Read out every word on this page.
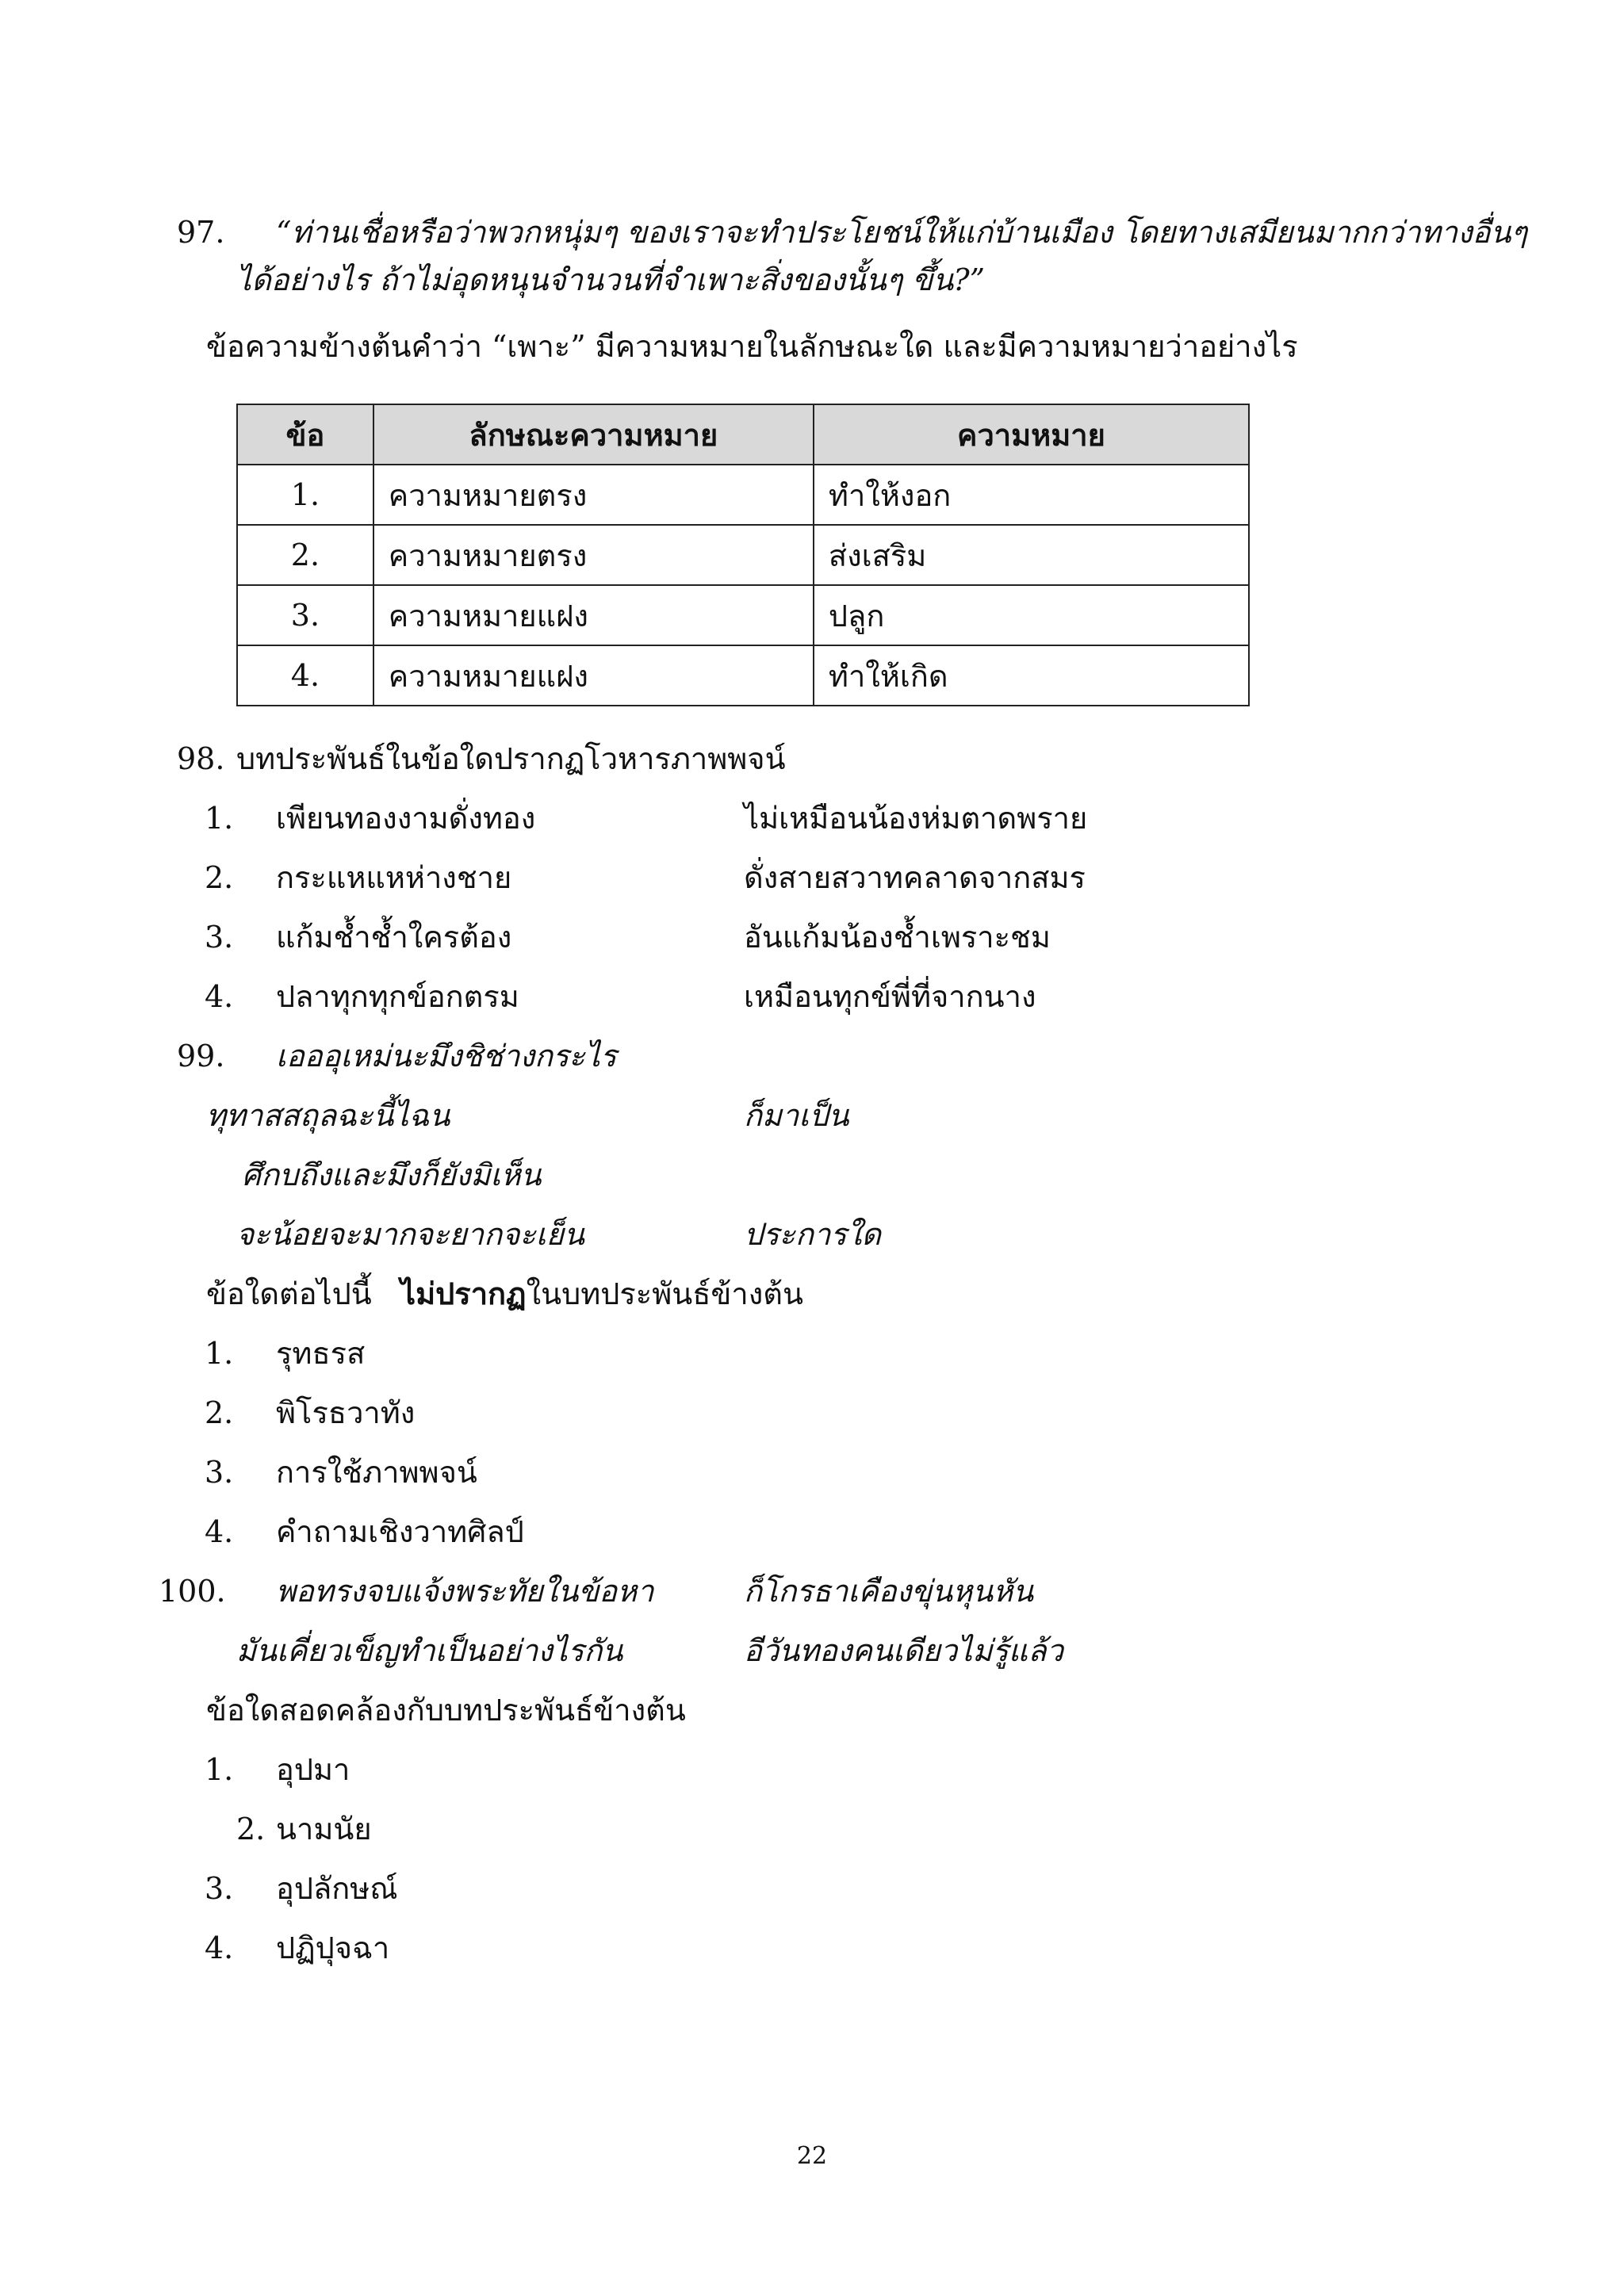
97. “ท่านเชื่อหรือว่าพวกหนุ่มๆ ของเราจะทำประโยชน์ให้แก่บ้านเมือง โดยทางเสมียนมากกว่าทางอื่นๆ
ได้อย่างไร ถ้าไม่อุดหนุนจำนวนที่จำเพาะสิ่งของนั้นๆ ขึ้น?”
ข้อความข้างต้นคำว่า “เพาะ” มีความหมายในลักษณะใด และมีความหมายว่าอย่างไร
ข้อ	ลักษณะความหมาย	ความหมาย
1.	ความหมายตรง	ทำให้งอก
2.	ความหมายตรง	ส่งเสริม
3.	ความหมายแฝง	ปลูก
4.	ความหมายแฝง	ทำให้เกิด
98. บทประพันธ์ในข้อใดปรากฏโวหารภาพพจน์
1. เพียนทองงามดั่งทอง	ไม่เหมือนน้องห่มตาดพราย
2. กระแหแหห่างชาย	ดั่งสายสวาทคลาดจากสมร
3. แก้มช้ำช้ำใครต้อง	อันแก้มน้องช้ำเพราะชม
4. ปลาทุกทุกข์อกตรม	เหมือนทุกข์พี่ที่จากนาง
99. เอออุเหม่นะมึงชิช่างกระไร
ทุทาสสถุลฉะนี้ไฉน	ก็มาเป็น
ศึกบถึงและมึงก็ยังมิเห็น
จะน้อยจะมากจะยากจะเย็น	ประการใด
ข้อใดต่อไปนี้ ไม่ปรากฏในบทประพันธ์ข้างต้น
1. รุทธรส
2. พิโรธวาทัง
3. การใช้ภาพพจน์
4. คำถามเชิงวาทศิลป์
100. พอทรงจบแจ้งพระทัยในข้อหา	ก็โกรธาเคืองขุ่นหุนหัน
มันเคี่ยวเข็ญทำเป็นอย่างไรกัน	อีวันทองคนเดียวไม่รู้แล้ว
ข้อใดสอดคล้องกับบทประพันธ์ข้างต้น
1. อุปมา
2. นามนัย
3. อุปลักษณ์
4. ปฏิปุจฉา
22
